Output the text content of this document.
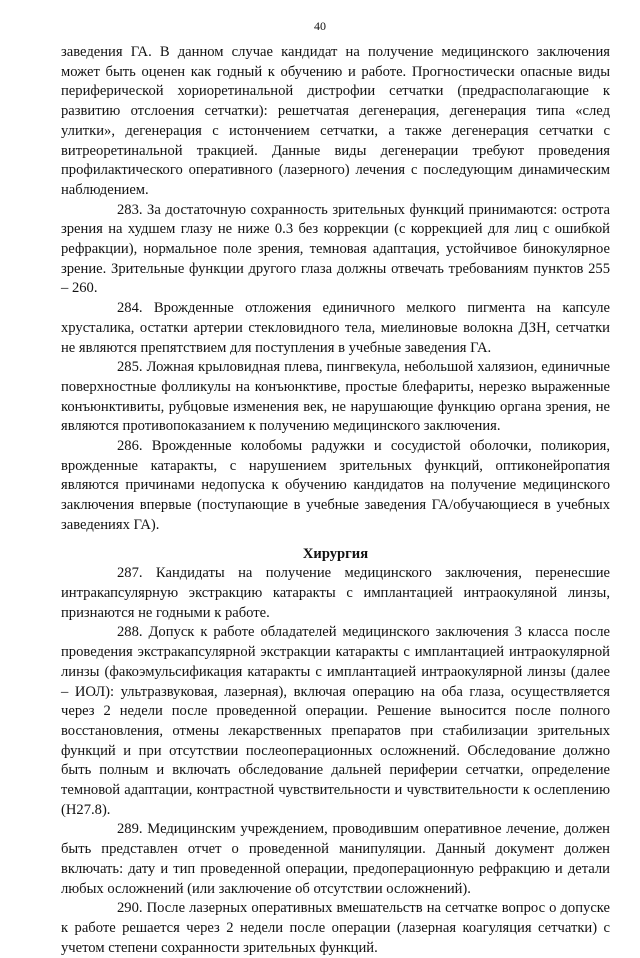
40

заведения ГА. В данном случае кандидат на получение медицинского заключения может быть оценен как годный к обучению и работе. Прогностически опасные виды периферической хориоретинальной дистрофии сетчатки (предрасполагающие к развитию отслоения сетчатки): решетчатая дегенерация, дегенерация типа «след улитки», дегенерация с истончением сетчатки, а также дегенерация сетчатки с витреоретинальной тракцией. Данные виды дегенерации требуют проведения профилактического оперативного (лазерного) лечения с последующим динамическим наблюдением.

283. За достаточную сохранность зрительных функций принимаются: острота зрения на худшем глазу не ниже 0.3 без коррекции (с коррекцией для лиц с ошибкой рефракции), нормальное поле зрения, темновая адаптация, устойчивое бинокулярное зрение. Зрительные функции другого глаза должны отвечать требованиям пунктов 255 – 260.

284. Врожденные отложения единичного мелкого пигмента на капсуле хрусталика, остатки артерии стекловидного тела, миелиновые волокна ДЗН, сетчатки не являются препятствием для поступления в учебные заведения ГА.

285. Ложная крыловидная плева, пингвекула, небольшой халязион, единичные поверхностные фолликулы на конъюнктиве, простые блефариты, нерезко выраженные конъюнктивиты, рубцовые изменения век, не нарушающие функцию органа зрения, не являются противопоказанием к получению медицинского заключения.

286. Врожденные колобомы радужки и сосудистой оболочки, поликория, врожденные катаракты, с нарушением зрительных функций, оптиконейропатия являются причинами недопуска к обучению кандидатов на получение медицинского заключения впервые (поступающие в учебные заведения ГА/обучающиеся в учебных заведениях ГА).

Хирургия

287. Кандидаты на получение медицинского заключения, перенесшие интракапсулярную экстракцию катаракты с имплантацией интраокуляной линзы, признаются не годными к работе.

288. Допуск к работе обладателей медицинского заключения 3 класса после проведения экстракапсулярной экстракции катаракты с имплантацией интраокулярной линзы (факоэмульсификация катаракты с имплантацией интраокулярной линзы (далее – ИОЛ): ультразвуковая, лазерная), включая операцию на оба глаза, осуществляется через 2 недели после проведенной операции. Решение выносится после полного восстановления, отмены лекарственных препаратов при стабилизации зрительных функций и при отсутствии послеоперационных осложнений. Обследование должно быть полным и включать обследование дальней периферии сетчатки, определение темновой адаптации, контрастной чувствительности и чувствительности к ослеплению (H27.8).

289. Медицинским учреждением, проводившим оперативное лечение, должен быть представлен отчет о проведенной манипуляции. Данный документ должен включать: дату и тип проведенной операции, предоперационную рефракцию и детали любых осложнений (или заключение об отсутствии осложнений).

290. После лазерных оперативных вмешательств на сетчатке вопрос о допуске к работе решается через 2 недели после операции (лазерная коагуляция сетчатки) с учетом степени сохранности зрительных функций.
